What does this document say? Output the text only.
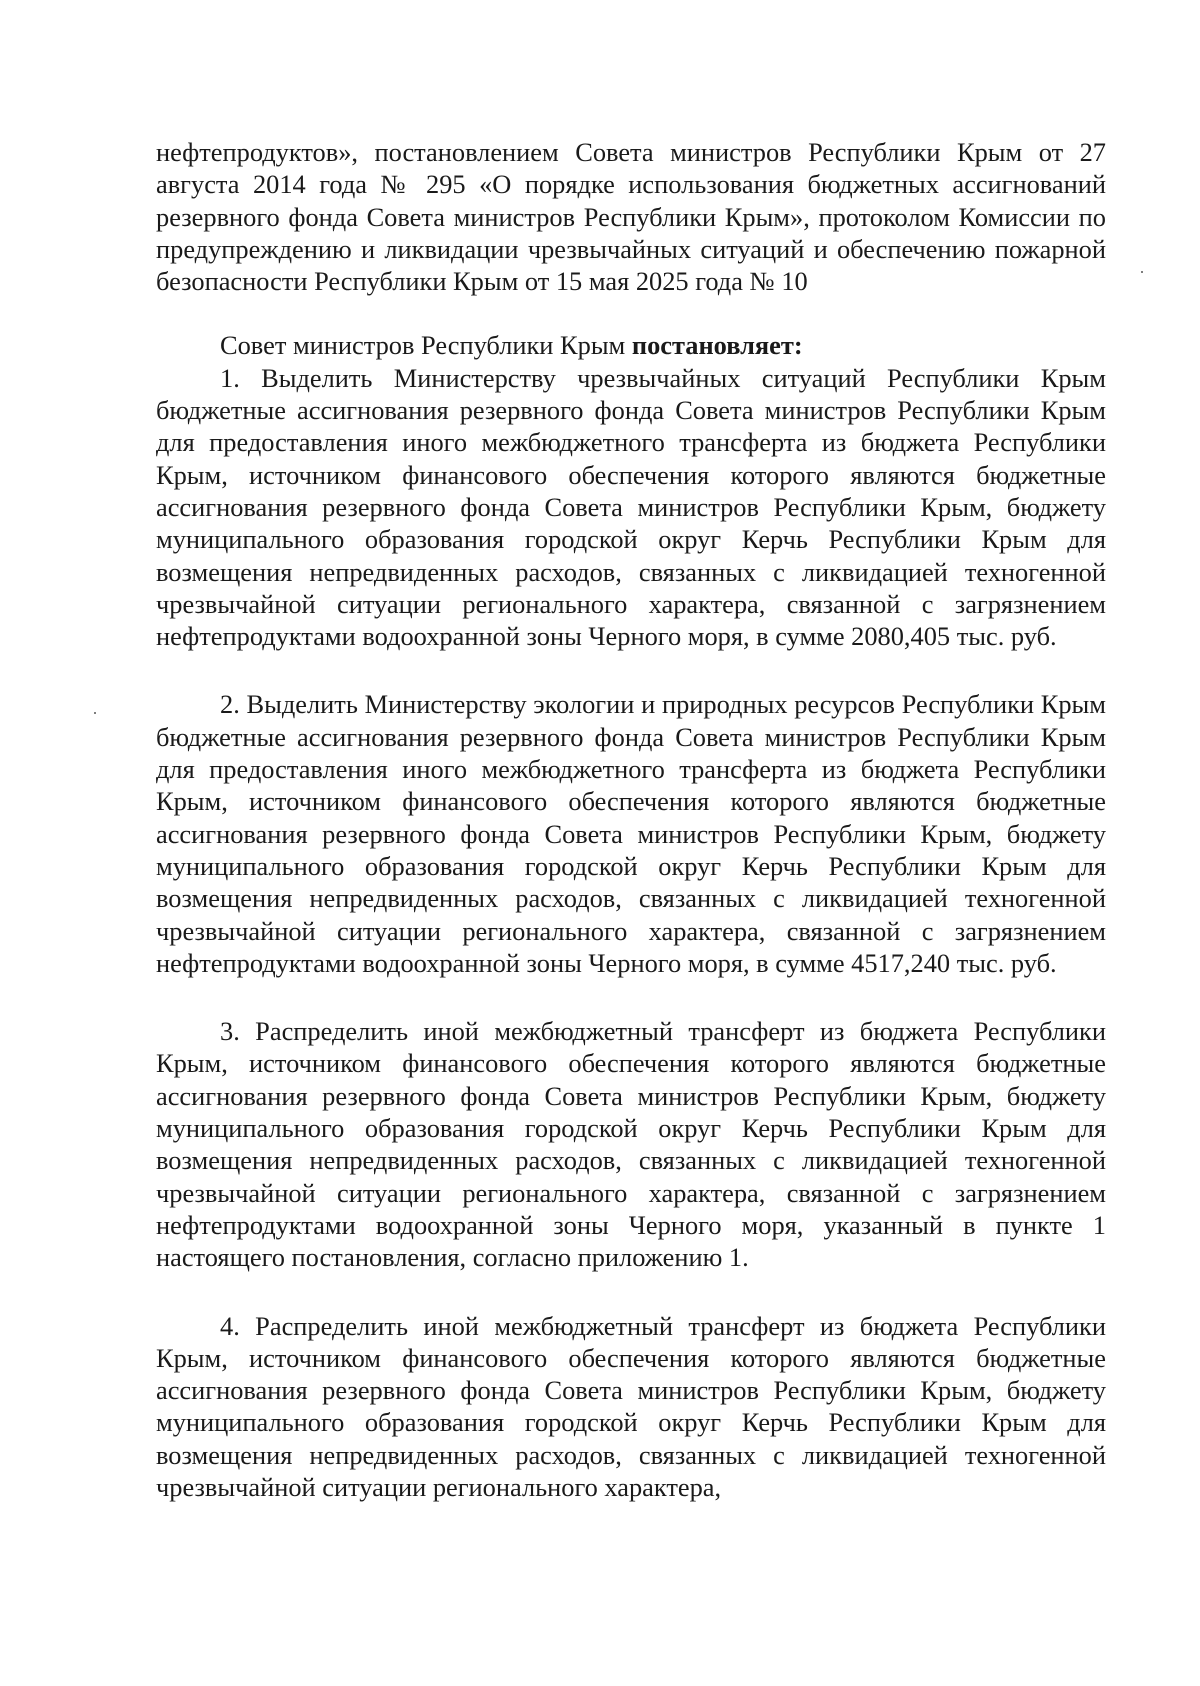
нефтепродуктов», постановлением Совета министров Республики Крым от 27 августа 2014 года № 295 «О порядке использования бюджетных ассигнований резервного фонда Совета министров Республики Крым», протоколом Комиссии по предупреждению и ликвидации чрезвычайных ситуаций и обеспечению пожарной безопасности Республики Крым от 15 мая 2025 года № 10

Совет министров Республики Крым постановляет:

1. Выделить Министерству чрезвычайных ситуаций Республики Крым бюджетные ассигнования резервного фонда Совета министров Республики Крым для предоставления иного межбюджетного трансферта из бюджета Республики Крым, источником финансового обеспечения которого являются бюджетные ассигнования резервного фонда Совета министров Республики Крым, бюджету муниципального образования городской округ Керчь Республики Крым для возмещения непредвиденных расходов, связанных с ликвидацией техногенной чрезвычайной ситуации регионального характера, связанной с загрязнением нефтепродуктами водоохранной зоны Черного моря, в сумме 2080,405 тыс. руб.

2. Выделить Министерству экологии и природных ресурсов Республики Крым бюджетные ассигнования резервного фонда Совета министров Республики Крым для предоставления иного межбюджетного трансферта из бюджета Республики Крым, источником финансового обеспечения которого являются бюджетные ассигнования резервного фонда Совета министров Республики Крым, бюджету муниципального образования городской округ Керчь Республики Крым для возмещения непредвиденных расходов, связанных с ликвидацией техногенной чрезвычайной ситуации регионального характера, связанной с загрязнением нефтепродуктами водоохранной зоны Черного моря, в сумме 4517,240 тыс. руб.

3. Распределить иной межбюджетный трансферт из бюджета Республики Крым, источником финансового обеспечения которого являются бюджетные ассигнования резервного фонда Совета министров Республики Крым, бюджету муниципального образования городской округ Керчь Республики Крым для возмещения непредвиденных расходов, связанных с ликвидацией техногенной чрезвычайной ситуации регионального характера, связанной с загрязнением нефтепродуктами водоохранной зоны Черного моря, указанный в пункте 1 настоящего постановления, согласно приложению 1.

4. Распределить иной межбюджетный трансферт из бюджета Республики Крым, источником финансового обеспечения которого являются бюджетные ассигнования резервного фонда Совета министров Республики Крым, бюджету муниципального образования городской округ Керчь Республики Крым для возмещения непредвиденных расходов, связанных с ликвидацией техногенной чрезвычайной ситуации регионального характера,
